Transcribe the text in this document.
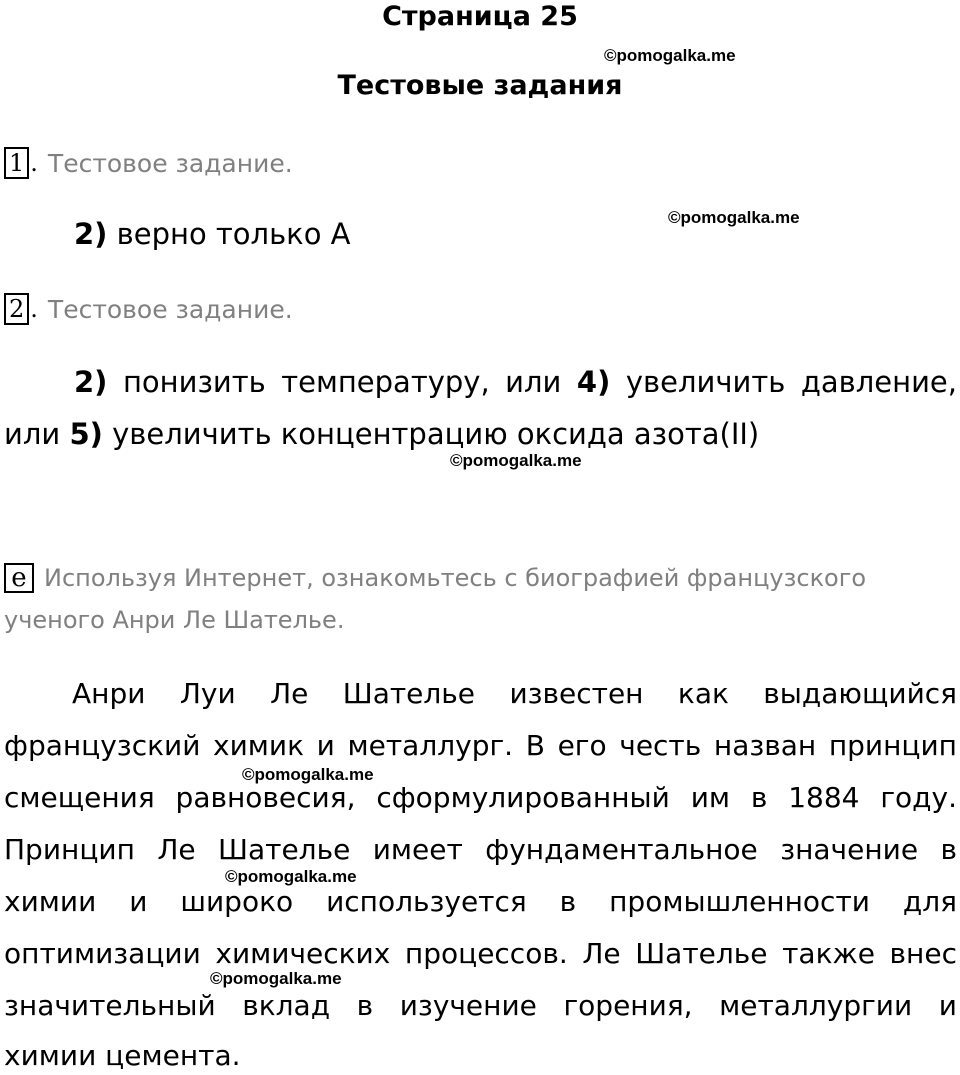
Страница 25
©pomogalka.me
Тестовые задания
1 . Тестовое задание.
©pomogalka.me
2) верно только А
2 . Тестовое задание.
2) понизить температуру, или 4) увеличить давление,
или 5) увеличить концентрацию оксида азота(II)
©pomogalka.me
e Используя Интернет, ознакомьтесь с биографией французского
ученого Анри Ле Шателье.
Анри Луи Ле Шателье известен как выдающийся
французский химик и металлург. В его честь назван принцип
©pomogalka.me
смещения равновесия, сформулированный им в 1884 году.
Принцип Ле Шателье имеет фундаментальное значение в
©pomogalka.me
химии и широко используется в промышленности для
оптимизации химических процессов. Ле Шателье также внес
©pomogalka.me
значительный вклад в изучение горения, металлургии и
химии цемента.
